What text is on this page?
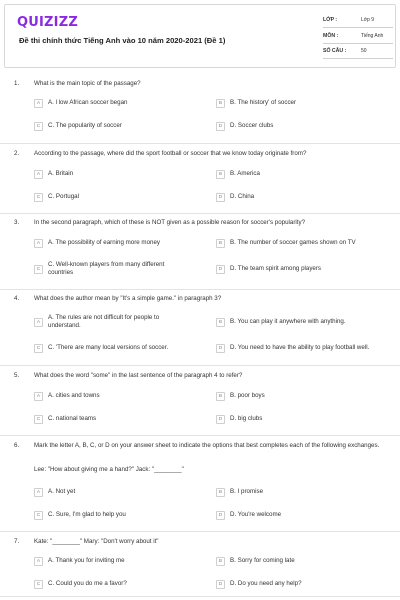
QUIZIZZ
Đề thi chính thức Tiếng Anh vào 10 năm 2020-2021 (Đề 1)
LỚP :	Lớp 9
MÔN :	Tiếng Anh
SỐ CÂU :	50
1. What is the main topic of the passage?
A	A. l low African soccer began	B	B. The history' of soccer
C	C. The popularity of soccer	D	D. Soccer clubs
2. According to the passage, where did the sport football or soccer that we know today originate from?
A	A. Britain	B	B. America
C	C. Portugal	D	D. China
3. In the second paragraph, which of these is NOT given as a possible reason for soccer's popularity?
A	A. The possibility of earning more money	B	B. The number of soccer games shown on TV
C
C. Well-known players from many different countries	D	D. The team spirit among players
4. What does the author mean by "It's a simple game." in paragraph 3?
A
A. The rules are not difficult for people to understand.	B	B. You can play it anywhere with anything.
C	C. 'There are many local versions of soccer.	D	D. You need to have the ability to play football well.
5. What does the word "some" in the last sentence of the paragraph 4 to refer?
A	A. cities and towns	B	B. poor boys
C	C. national teams	D	D. big clubs
6. Mark the letter A, B, C, or D on your answer sheet to indicate the options that best completes each of the following exchanges.
Lee: "How about giving me a hand?" Jack: "________"
A	A. Not yet	B	B. I promise
C	C. Sure, I'm glad to help you	D	D. You're welcome
7. Kate: "________" Mary: "Don't worry about it"
A	A. Thank you for inviting me	B	B. Sorry for coming late
C	C. Could you do me a favor?	D	D. Do you need any help?
